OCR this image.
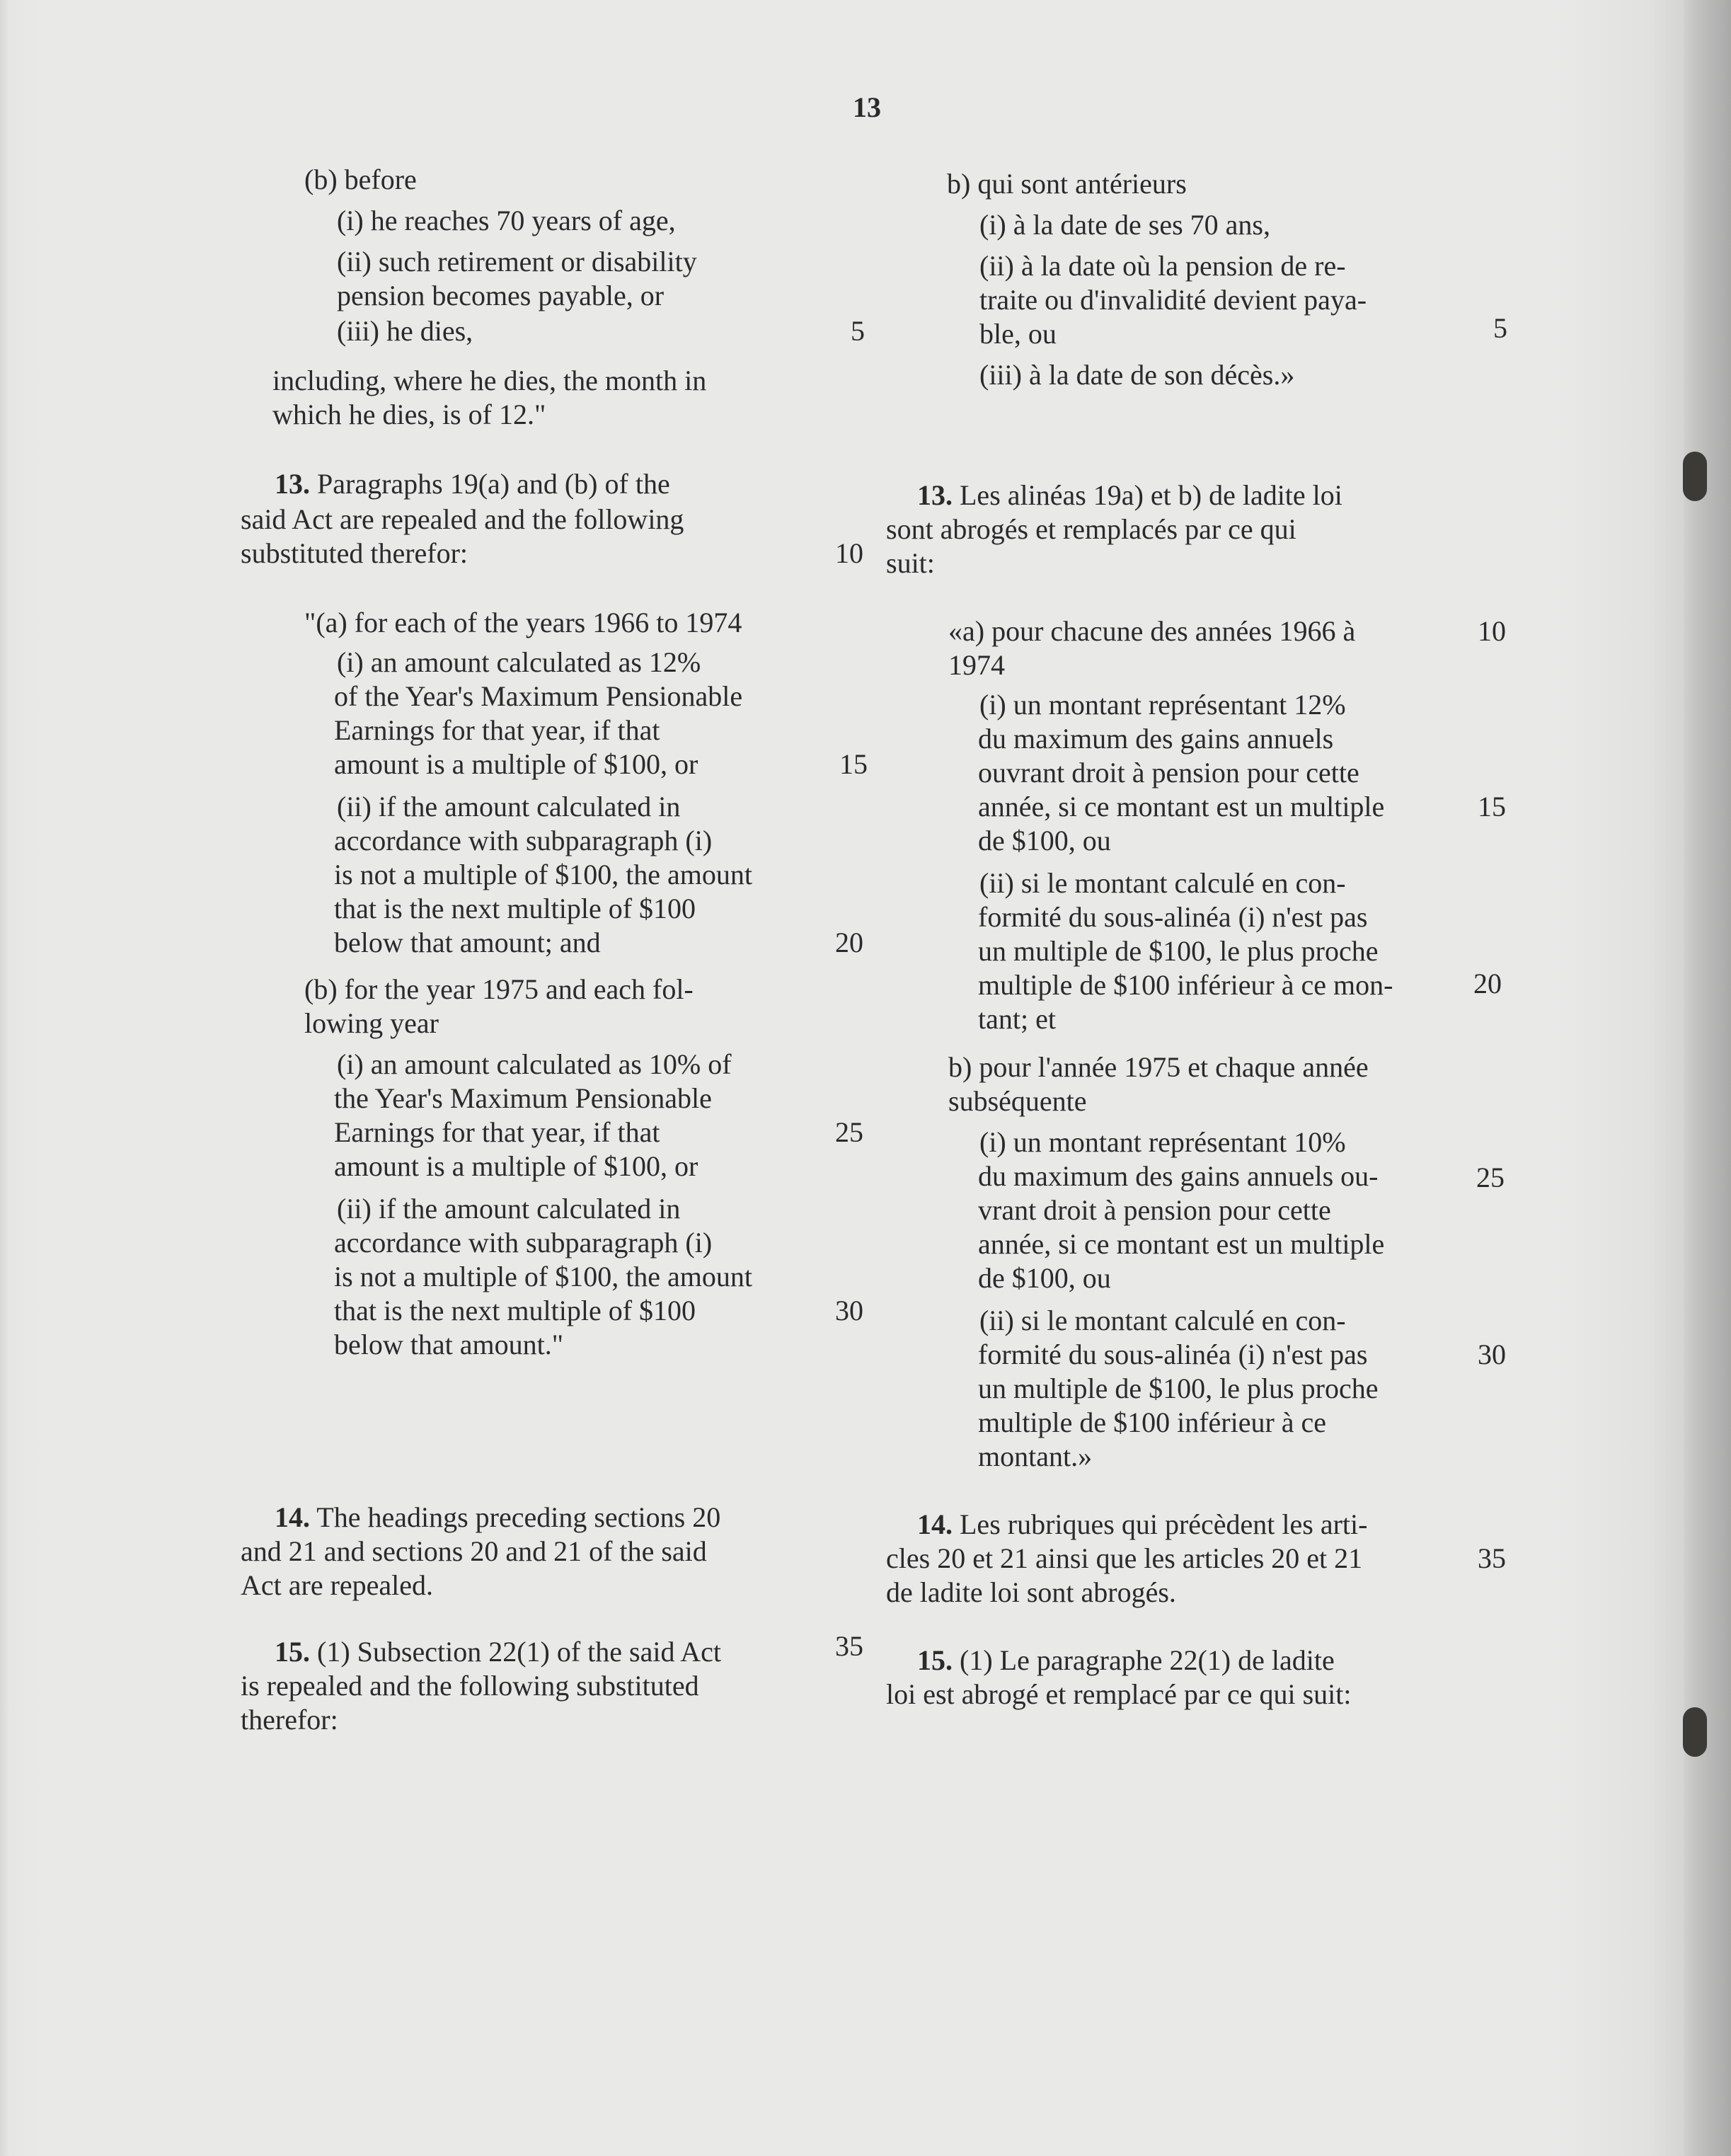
13
(b) before
(i) he reaches 70 years of age,
(ii) such retirement or disability
pension becomes payable, or
(iii) he dies,
including, where he dies, the month in
which he dies, is of 12."
13. Paragraphs 19(a) and (b) of the
said Act are repealed and the following
substituted therefor:
"(a) for each of the years 1966 to 1974
(i) an amount calculated as 12%
of the Year's Maximum Pensionable
Earnings for that year, if that
amount is a multiple of $100, or
(ii) if the amount calculated in
accordance with subparagraph (i)
is not a multiple of $100, the amount
that is the next multiple of $100
below that amount; and
(b) for the year 1975 and each fol-
lowing year
(i) an amount calculated as 10% of
the Year's Maximum Pensionable
Earnings for that year, if that
amount is a multiple of $100, or
(ii) if the amount calculated in
accordance with subparagraph (i)
is not a multiple of $100, the amount
that is the next multiple of $100
below that amount."
14. The headings preceding sections 20
and 21 and sections 20 and 21 of the said
Act are repealed.
15. (1) Subsection 22(1) of the said Act
is repealed and the following substituted
therefor:
b) qui sont antérieurs
(i) à la date de ses 70 ans,
(ii) à la date où la pension de re-
traite ou d'invalidité devient paya-
ble, ou
(iii) à la date de son décès.»
13. Les alinéas 19a) et b) de ladite loi
sont abrogés et remplacés par ce qui
suit:
«a) pour chacune des années 1966 à
1974
(i) un montant représentant 12%
du maximum des gains annuels
ouvrant droit à pension pour cette
année, si ce montant est un multiple
de $100, ou
(ii) si le montant calculé en con-
formité du sous-alinéa (i) n'est pas
un multiple de $100, le plus proche
multiple de $100 inférieur à ce mon-
tant; et
b) pour l'année 1975 et chaque année
subséquente
(i) un montant représentant 10%
du maximum des gains annuels ou-
vrant droit à pension pour cette
année, si ce montant est un multiple
de $100, ou
(ii) si le montant calculé en con-
formité du sous-alinéa (i) n'est pas
un multiple de $100, le plus proche
multiple de $100 inférieur à ce
montant.»
14. Les rubriques qui précèdent les arti-
cles 20 et 21 ainsi que les articles 20 et 21
de ladite loi sont abrogés.
15. (1) Le paragraphe 22(1) de ladite
loi est abrogé et remplacé par ce qui suit:
5
10
15
20
25
30
35
5
10
15
20
25
30
35
